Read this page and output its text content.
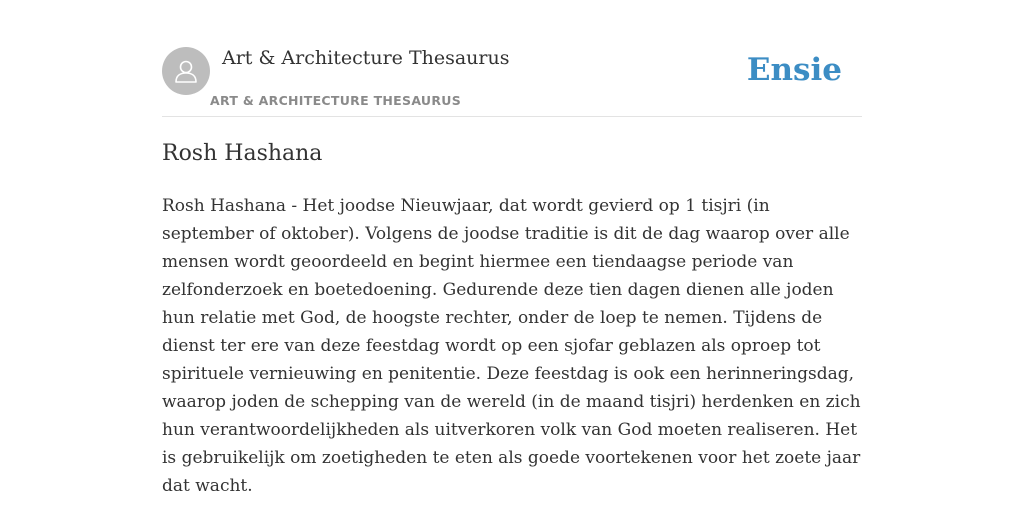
Art & Architecture Thesaurus
ART & ARCHITECTURE THESAURUS
Ensie
Rosh Hashana

Rosh Hashana - Het joodse Nieuwjaar, dat wordt gevierd op 1 tisjri (in september of oktober). Volgens de joodse traditie is dit de dag waarop over alle mensen wordt geoordeeld en begint hiermee een tiendaagse periode van zelfonderzoek en boetedoening. Gedurende deze tien dagen dienen alle joden hun relatie met God, de hoogste rechter, onder de loep te nemen. Tijdens de dienst ter ere van deze feestdag wordt op een sjofar geblazen als oproep tot spirituele vernieuwing en penitentie. Deze feestdag is ook een herinneringsdag, waarop joden de schepping van de wereld (in de maand tisjri) herdenken en zich hun verantwoordelijkheden als uitverkoren volk van God moeten realiseren. Het is gebruikelijk om zoetigheden te eten als goede voortekenen voor het zoete jaar dat wacht.
